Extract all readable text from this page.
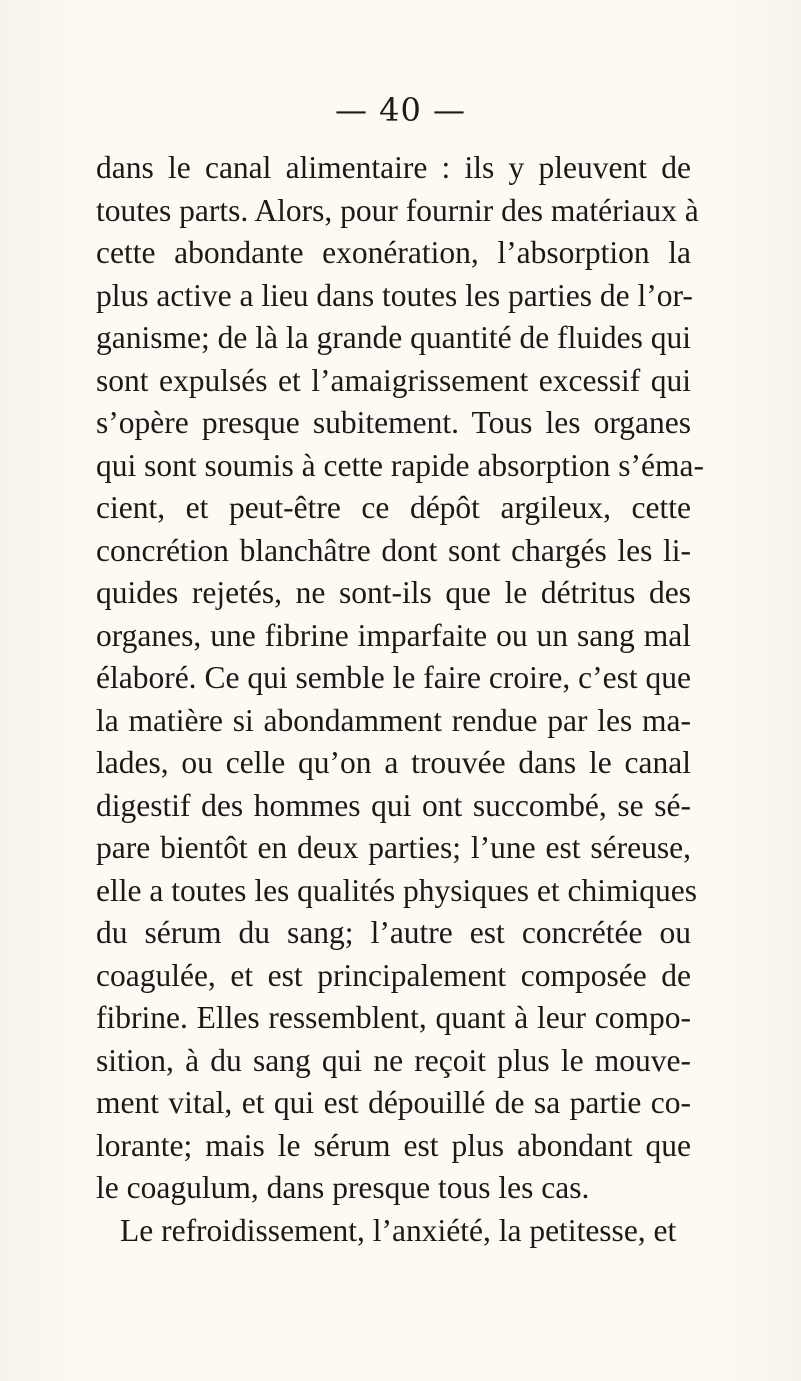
— 40 —
dans le canal alimentaire : ils y pleuvent de
toutes parts. Alors, pour fournir des matériaux à
cette abondante exonération, l’absorption la
plus active a lieu dans toutes les parties de l’or-
ganisme; de là la grande quantité de fluides qui
sont expulsés et l’amaigrissement excessif qui
s’opère presque subitement. Tous les organes
qui sont soumis à cette rapide absorption s’éma-
cient, et peut-être ce dépôt argileux, cette
concrétion blanchâtre dont sont chargés les li-
quides rejetés, ne sont-ils que le détritus des
organes, une fibrine imparfaite ou un sang mal
élaboré. Ce qui semble le faire croire, c’est que
la matière si abondamment rendue par les ma-
lades, ou celle qu’on a trouvée dans le canal
digestif des hommes qui ont succombé, se sé-
pare bientôt en deux parties; l’une est séreuse,
elle a toutes les qualités physiques et chimiques
du sérum du sang; l’autre est concrétée ou
coagulée, et est principalement composée de
fibrine. Elles ressemblent, quant à leur compo-
sition, à du sang qui ne reçoit plus le mouve-
ment vital, et qui est dépouillé de sa partie co-
lorante; mais le sérum est plus abondant que
le coagulum, dans presque tous les cas.
Le refroidissement, l’anxiété, la petitesse, et
